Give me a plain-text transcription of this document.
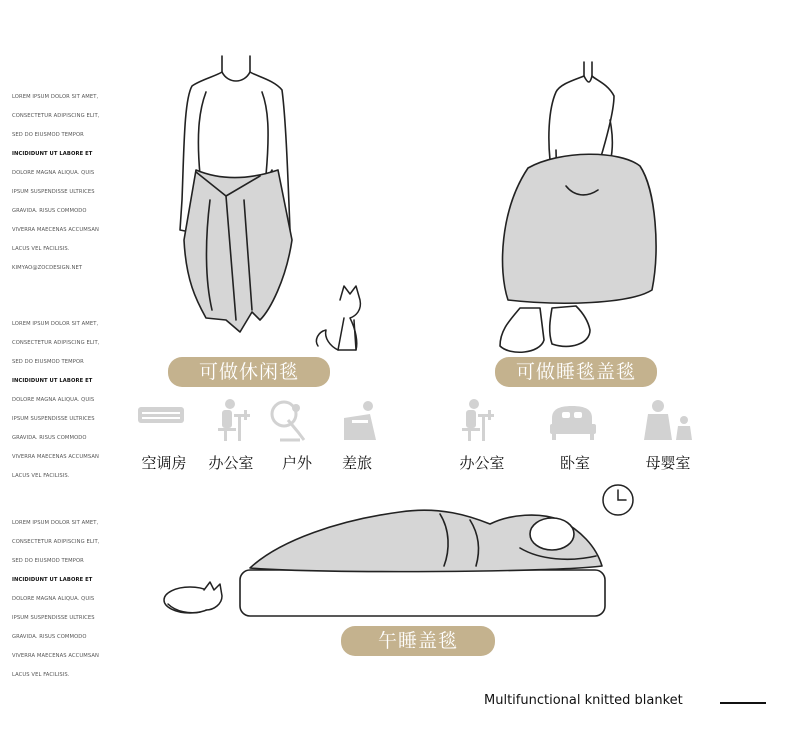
LOREM IPSUM DOLOR SIT AMET,

CONSECTETUR ADIPISCING ELIT,

SED DO EIUSMOD TEMPOR

INCIDIDUNT UT LABORE ET

DOLORE MAGNA ALIQUA. QUIS

IPSUM SUSPENDISSE ULTRICES

GRAVIDA. RISUS COMMODO

VIVERRA MAECENAS ACCUMSAN

LACUS VEL FACILISIS.

KIMYAO@ZOCDESIGN.NET

LOREM IPSUM DOLOR SIT AMET,

CONSECTETUR ADIPISCING ELIT,

SED DO EIUSMOD TEMPOR

INCIDIDUNT UT LABORE ET

DOLORE MAGNA ALIQUA. QUIS

IPSUM SUSPENDISSE ULTRICES

GRAVIDA. RISUS COMMODO

VIVERRA MAECENAS ACCUMSAN

LACUS VEL FACILISIS.

LOREM IPSUM DOLOR SIT AMET,

CONSECTETUR ADIPISCING ELIT,

SED DO EIUSMOD TEMPOR

INCIDIDUNT UT LABORE ET

DOLORE MAGNA ALIQUA. QUIS

IPSUM SUSPENDISSE ULTRICES

GRAVIDA. RISUS COMMODO

VIVERRA MAECENAS ACCUMSAN

LACUS VEL FACILISIS.

可做休闲毯	可做睡毯盖毯
午睡盖毯
空调房	办公室	户外	差旅	办公室	卧室	母婴室
Multifunctional knitted blanket
